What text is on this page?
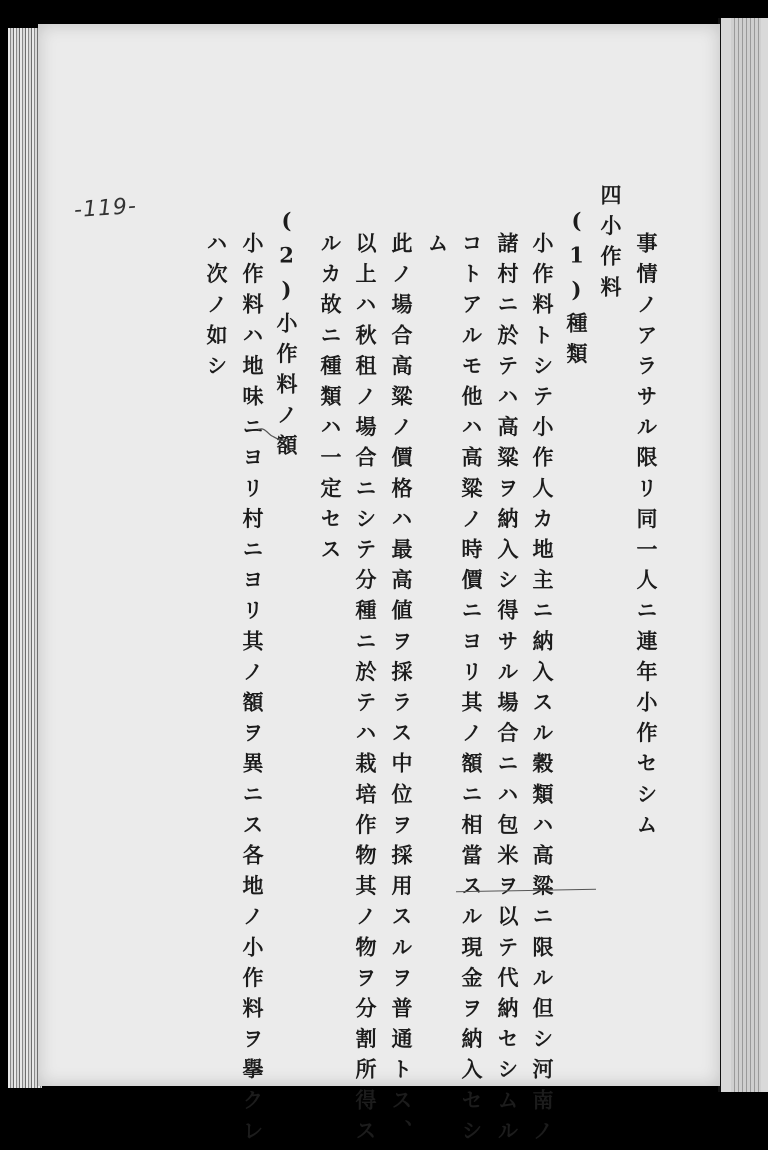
-119-
事情ノアラサル限リ同一人ニ連年小作セシム
四小作料
(1)種類
小作料トシテ小作人カ地主ニ納入スル穀類ハ高粱ニ限ル但シ河南ノ
諸村ニ於テハ高粱ヲ納入シ得サル場合ニハ包米ヲ以テ代納セシムル
コトアルモ他ハ高粱ノ時價ニヨリ其ノ額ニ相當スル現金ヲ納入セシ
ム
此ノ場合高粱ノ價格ハ最高値ヲ採ラス中位ヲ採用スルヲ普通トス、
以上ハ秋租ノ場合ニシテ分種ニ於テハ栽培作物其ノ物ヲ分割所得ス
ルカ故ニ種類ハ一定セス
(2)小作料ノ額
小作料ハ地味ニヨリ村ニヨリ其ノ額ヲ異ニス各地ノ小作料ヲ擧クレ
ハ次ノ如シ
